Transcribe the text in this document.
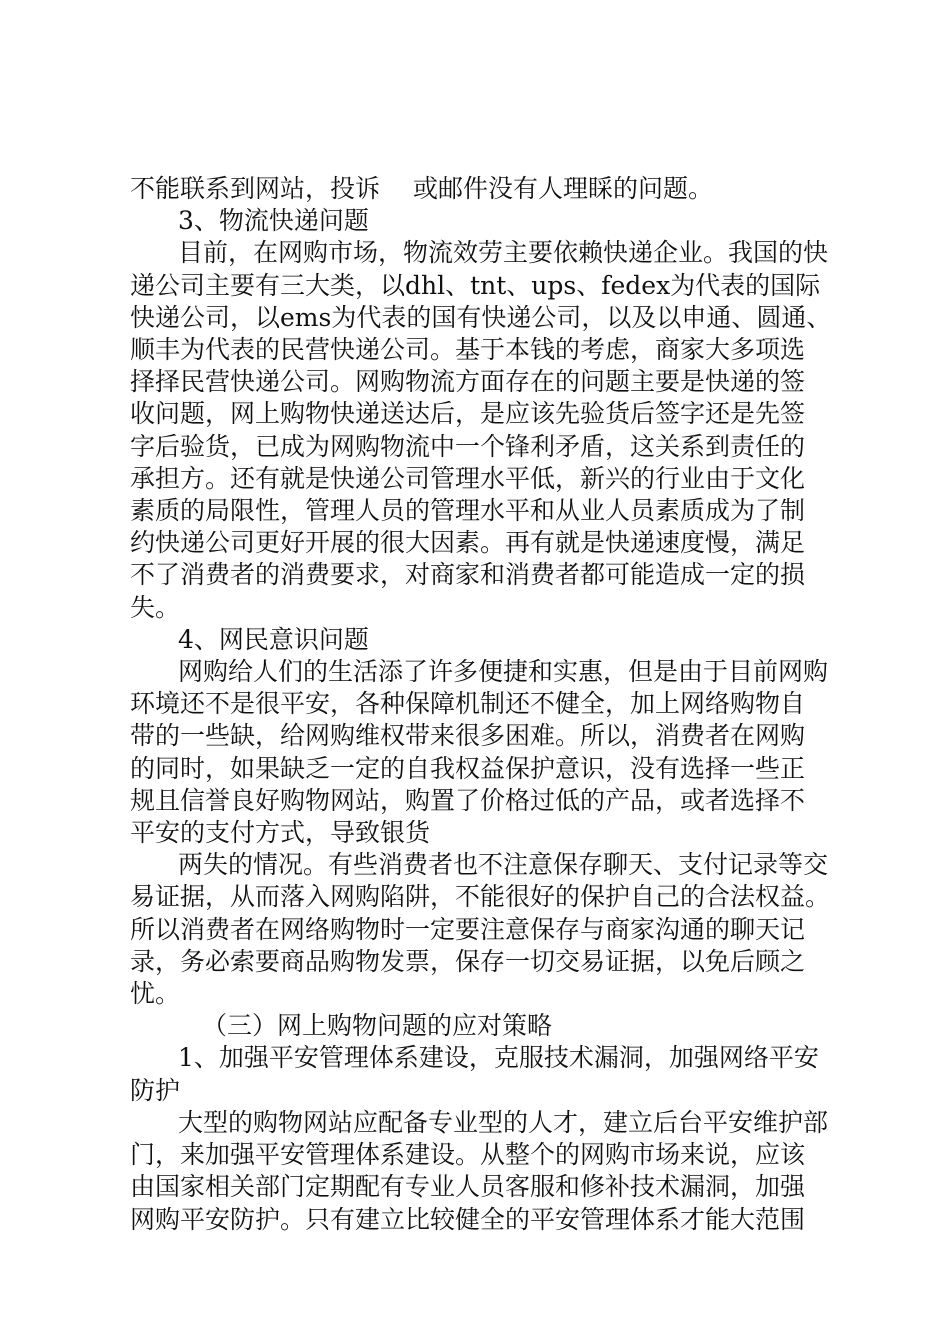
不能联系到网站，投诉　 或邮件没有人理睬的问题。

3、物流快递问题

目前，在网购市场，物流效劳主要依赖快递企业。我国的快

递公司主要有三大类，以dhl、tnt、ups、fedex为代表的国际

快递公司，以ems为代表的国有快递公司，以及以申通、圆通、

顺丰为代表的民营快递公司。基于本钱的考虑，商家大多项选

择择民营快递公司。网购物流方面存在的问题主要是快递的签

收问题，网上购物快递送达后，是应该先验货后签字还是先签

字后验货，已成为网购物流中一个锋利矛盾，这关系到责任的

承担方。还有就是快递公司管理水平低，新兴的行业由于文化

素质的局限性，管理人员的管理水平和从业人员素质成为了制

约快递公司更好开展的很大因素。再有就是快递速度慢，满足

不了消费者的消费要求，对商家和消费者都可能造成一定的损

失。

4、网民意识问题

网购给人们的生活添了许多便捷和实惠，但是由于目前网购

环境还不是很平安，各种保障机制还不健全，加上网络购物自

带的一些缺，给网购维权带来很多困难。所以，消费者在网购

的同时，如果缺乏一定的自我权益保护意识，没有选择一些正

规且信誉良好购物网站，购置了价格过低的产品，或者选择不

平安的支付方式，导致银货

两失的情况。有些消费者也不注意保存聊天、支付记录等交

易证据，从而落入网购陷阱，不能很好的保护自己的合法权益。

所以消费者在网络购物时一定要注意保存与商家沟通的聊天记

录，务必索要商品购物发票，保存一切交易证据，以免后顾之

忧。

（三）网上购物问题的应对策略

1、加强平安管理体系建设，克服技术漏洞，加强网络平安

防护

大型的购物网站应配备专业型的人才，建立后台平安维护部

门，来加强平安管理体系建设。从整个的网购市场来说，应该

由国家相关部门定期配有专业人员客服和修补技术漏洞，加强

网购平安防护。只有建立比较健全的平安管理体系才能大范围
